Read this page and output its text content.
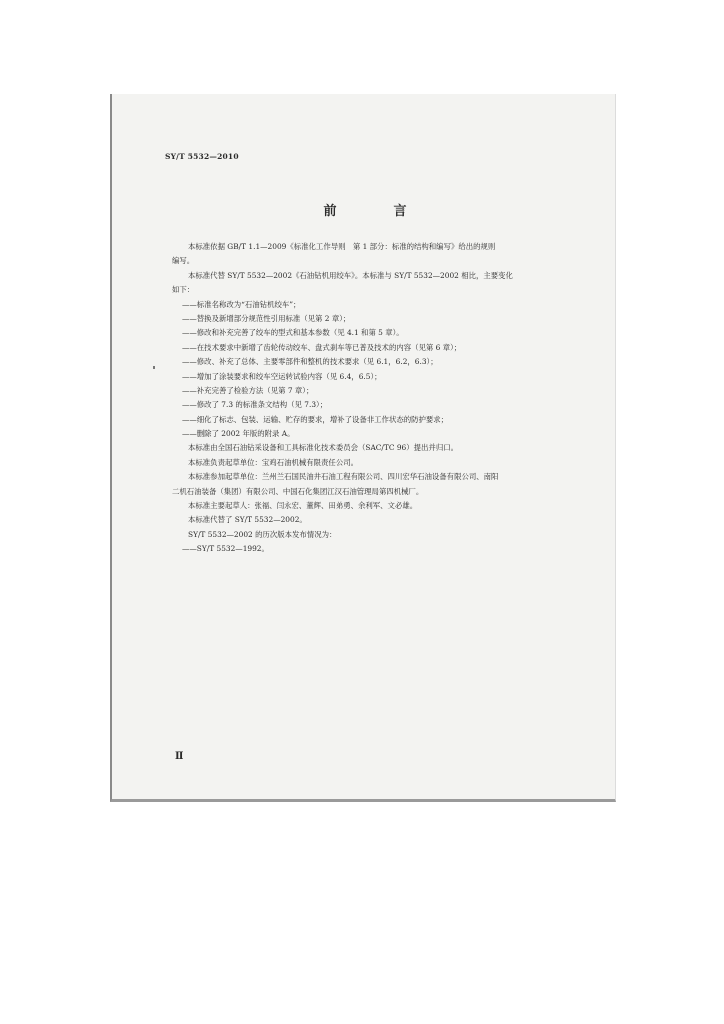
SY/T 5532—2010
前　言
本标准依据 GB/T 1.1—2009《标准化工作导则　第 1 部分：标准的结构和编写》给出的规则
编写。
本标准代替 SY/T 5532—2002《石油钻机用绞车》。本标准与 SY/T 5532—2002 相比，主要变化
如下：
——标准名称改为“石油钻机绞车”；
——替换及新增部分规范性引用标准（见第 2 章）；
——修改和补充完善了绞车的型式和基本参数（见 4.1 和第 5 章）。
——在技术要求中新增了齿轮传动绞车、盘式刹车等已普及技术的内容（见第 6 章）；
——修改、补充了总体、主要零部件和整机的技术要求（见 6.1，6.2，6.3）；
——增加了涂装要求和绞车空运转试验内容（见 6.4，6.5）；
——补充完善了检验方法（见第 7 章）；
——修改了 7.3 的标准条文结构（见 7.3）；
——细化了标志、包装、运输、贮存的要求，增补了设备非工作状态的防护要求；
——删除了 2002 年版的附录 A。
本标准由全国石油钻采设备和工具标准化技术委员会（SAC/TC 96）提出并归口。
本标准负责起草单位：宝鸡石油机械有限责任公司。
本标准参加起草单位：兰州兰石国民油井石油工程有限公司、四川宏华石油设备有限公司、南阳
二机石油装备（集团）有限公司、中国石化集团江汉石油管理局第四机械厂。
本标准主要起草人：张福、闫永宏、董辉、田弟勇、余利军、文必雄。
本标准代替了 SY/T 5532—2002。
SY/T 5532—2002 的历次版本发布情况为：
——SY/T 5532—1992。
Ⅱ
